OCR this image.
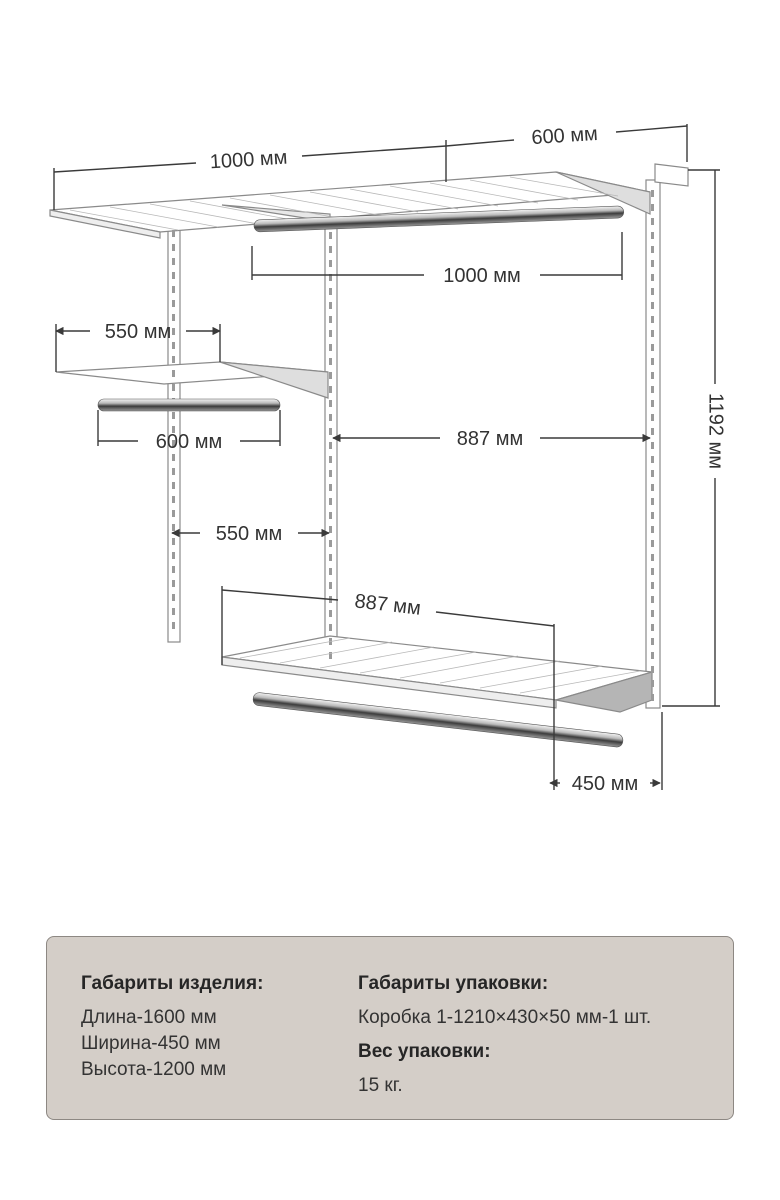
1000 мм
600 мм
1000 мм
550 мм
600 мм	887 мм
550 мм
887 мм
450 мм
1192 мм

Габариты изделия:

Длина-1600 мм

Ширина-450 мм

Высота-1200 мм

Габариты упаковки:

Коробка 1-1210×430×50 мм-1 шт.

Вес упаковки:

15 кг.
